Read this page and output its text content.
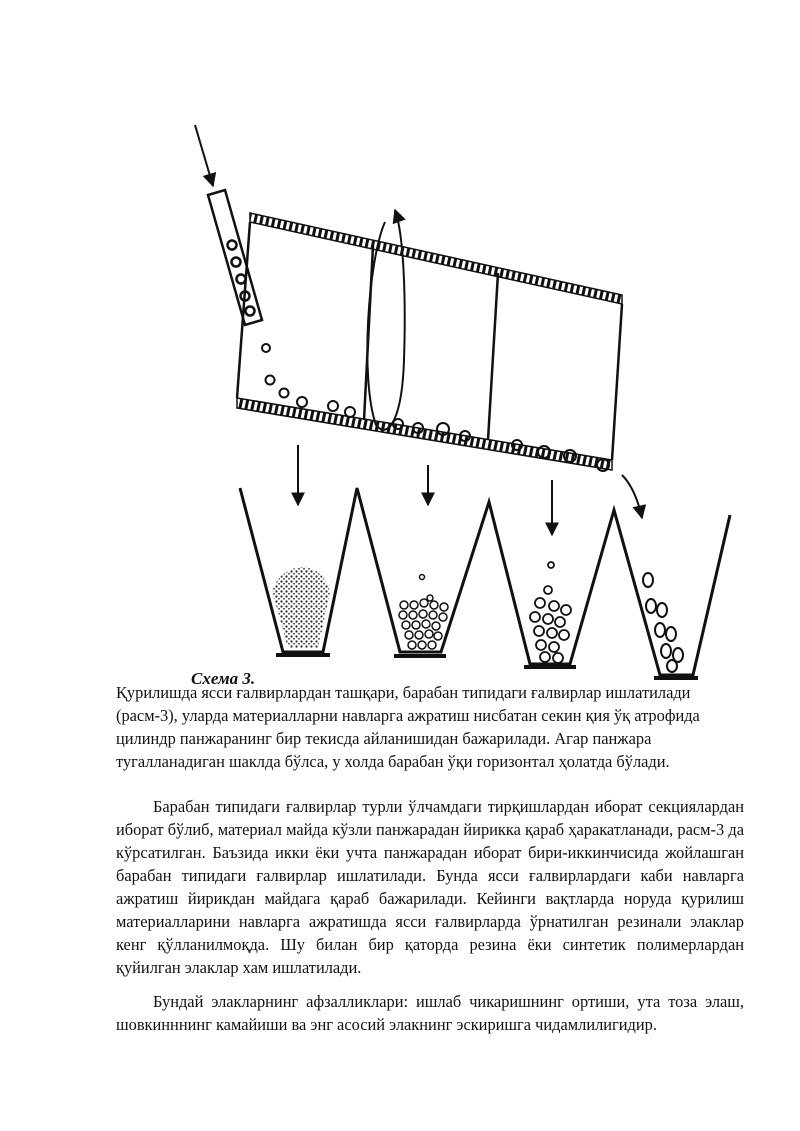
Схема 3.

Қурилишда ясси ғалвирлардан ташқари, барабан типидаги ғалвирлар ишлатилади (расм-3), уларда материалларни навларга ажратиш нисбатан секин қия ўқ атрофида цилиндр панжаранинг бир текисда айланишидан бажарилади. Агар панжара тугалланадиган шаклда бўлса, у холда барабан ўқи горизонтал ҳолатда бўлади.

Барабан типидаги ғалвирлар турли ўлчамдаги тирқишлардан иборат секциялардан иборат бўлиб, материал майда кўзли панжарадан йирикка қараб ҳаракатланади, расм-3 да кўрсатилган. Баъзида икки ёки учта панжарадан иборат бири-иккинчисида жойлашган барабан типидаги ғалвирлар ишлатилади. Бунда ясси ғалвирлардаги каби навларга ажратиш йирикдан майдага қараб бажарилади. Кейинги вақтларда норуда қурилиш материалларини навларга ажратишда ясси ғалвирларда ўрнатилган резинали элаклар кенг қўлланилмоқда. Шу билан бир қаторда резина ёки синтетик полимерлардан қуйилган элаклар хам ишлатилади.

Бундай элакларнинг афзалликлари: ишлаб чикаришнинг ортиши, ута тоза элаш, шовкинннинг камайиши ва энг асосий элакнинг эскиришга чидамлилигидир.
